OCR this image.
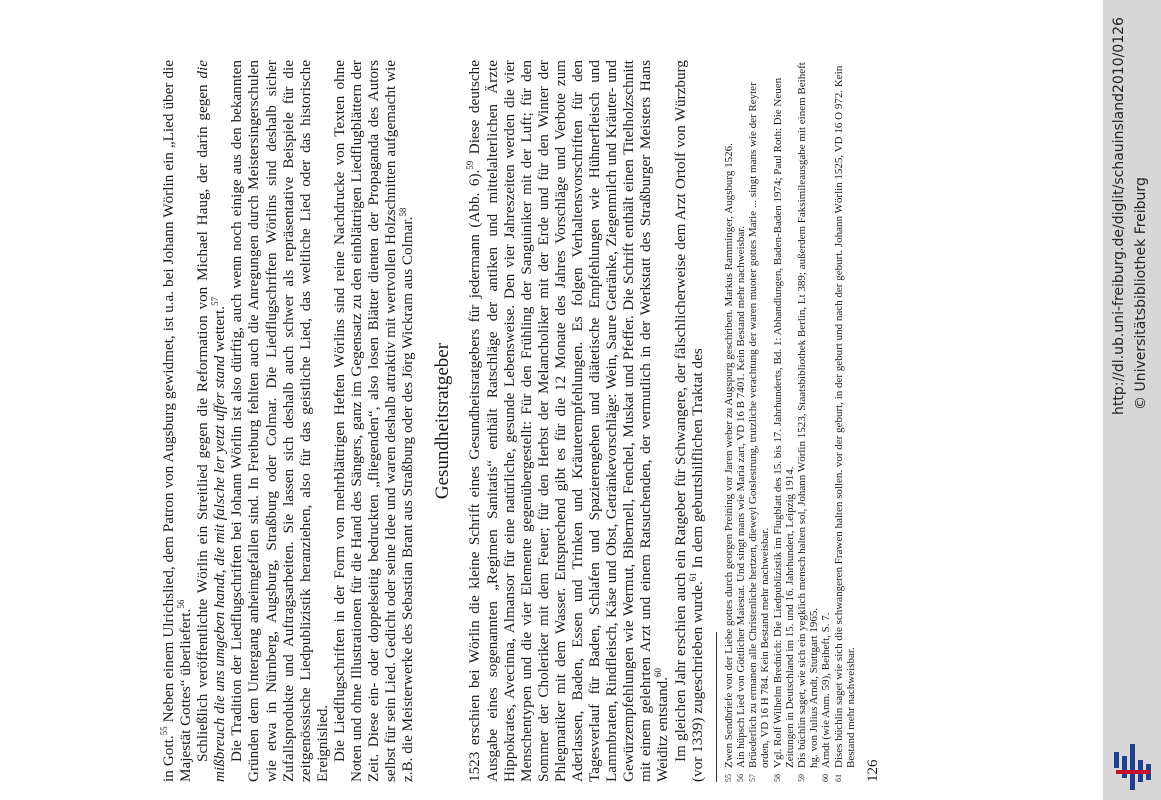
in Gott.$^{55}$ Neben einem Ulrichslied, dem Patron von Augsburg gewidmet, ist u.a. bei Johann Wörlin ein „Lied über die Majestät Gottes“ überliefert.$^{56}$ Schließlich veröffentlichte Wörlin ein Streitlied gegen die Reformation von Michael Haug, der darin gegen die mißbreuch die uns umgeben handt, die mit falsche ler yetzt uffer stand wettert.$^{57}$ Die Tradition der Liedflugschriften bei Johann Wörlin ist also dürftig, auch wenn noch einige aus den bekannten Gründen dem Untergang anheimgefallen sind. In Freiburg fehlten auch die Anregungen durch Meistersingerschulen wie etwa in Nürnberg, Augsburg, Straßburg oder Colmar. Die Liedflugschriften Wörlins sind deshalb sicher Zufallsprodukte und Auftragsarbeiten. Sie lassen sich deshalb auch schwer als repräsentative Beispiele für die zeitgenössische Liedpublizistik heranziehen, also für das geistliche Lied, das weltliche Lied oder das historische Ereignislied. Die Liedflugschriften in der Form von mehrblättrigen Heften Wörlins sind reine Nachdrucke von Texten ohne Noten und ohne Illustrationen für die Hand des Sängers, ganz im Gegensatz zu den einblättrigen Liedflugblättern der Zeit. Diese ein- oder doppelseitig bedruckten „fliegenden“, also losen Blätter dienten der Propaganda des Autors selbst für sein Lied. Gedicht oder seine Idee und waren deshalb attraktiv mit wertvollen Holzschnitten aufgemacht wie z.B. die Meisterwerke des Sebastian Brant aus Straßburg oder des Jörg Wickram aus Colmar.$^{58}$

Gesundheitsratgeber 1523 erschien bei Wörlin die kleine Schrift eines Gesundheitsratgebers für jedermann (Abb. 6).$^{59}$ Diese deutsche Ausgabe eines sogenannten „Regimen Sanitatis“ enthält Ratschläge der antiken und mittelalterlichen Ärzte Hippokrates, Avecinna, Almansor für eine natürliche, gesunde Lebensweise. Den vier Jahreszeiten werden die vier Menschentypen und die vier Elemente gegenübergestellt: Für den Frühling der Sanguiniker mit der Luft; für den Sommer der Choleriker mit dem Feuer; für den Herbst der Melancholiker mit der Erde und für den Winter der Phlegmatiker mit dem Wasser. Entsprechend gibt es für die 12 Monate des Jahres Vorschläge und Verbote zum Aderlassen, Baden, Essen und Trinken und Kräuterempfehlungen. Es folgen Verhaltensvorschriften für den Tagesverlauf für Baden, Schlafen und Spazierengehen und diätetische Empfehlungen wie Hühnerfleisch und Lammbraten, Rindfleisch, Käse und Obst, Getränkevorschläge: Wein, Saure Getränke, Ziegenmilch und Kräuter- und Gewürzempfehlungen wie Wermut, Bibernell, Fenchel, Muskat und Pfeffer. Die Schrift enthält einen Titelholzschnitt mit einem gelehrten Arzt und einem Ratsuchenden, der vermutlich in der Werkstatt des Straßburger Meisters Hans Weiditz entstand.$^{60}$ Im gleichen Jahr erschien auch ein Ratgeber für Schwangere, der fälschlicherweise dem Arzt Ortolf von Würzburg (vor 1339) zugeschrieben wurde.$^{61}$ In dem geburtshilflichen Traktat des

55
Zwen Sendbriefe von der Liebe gottes durch georgen Preining vor Jaren weber zu Augspurg geschriben. Markus Ramminger, Augsburg 1526.
56
Ain hüpsch Lied von Göttlicher Maiestat. Und singt mans wie Maria zart, VD 16 B 7401. Kein Bestand mehr nachweisbar.
57
Brüederlich zu ermanen alle Christenliche hertzen, dieweyl Gotslestrung, trutzliche verachtung der waren muoter gottes Marie ... singt mans wie der Reyter orden, VD 16 H 784. Kein Bestand mehr nachweisbar.
58
Vgl. Rolf Wilhelm Brednich: Die Liedpublizistik im Flugblatt des 15. bis 17. Jahrhunderts, Bd. 1: Abhandlungen, Baden-Baden 1974; Paul Roth: Die Neuen Zeitungen in Deutschland im 15. und 16. Jahrhundert, Leipzig 1914.
59
Dis büchlin saget, wie sich ein yegklich mensch halten sol, Johann Wörlin 1523, Staatsbibliothek Berlin, Lt 389; außerdem Faksimileausgabe mit einem Beiheft hg. von Julius Arndt, Stuttgart 1965.
60
Arndt (wie Anm. 59), Beiheft, S. 7.
61
Dises büchlin saget wie sich die schwangeren Frawen halten sollen. vor der geburt, in der geburt und nach der geburt. Johann Wörlin 1525, VD 16 O 972. Kein Bestand mehr nachweisbar.
126
http://dl.ub.uni-freiburg.de/diglit/schauinsland2010/0126 © Universitätsbibliothek Freiburg
